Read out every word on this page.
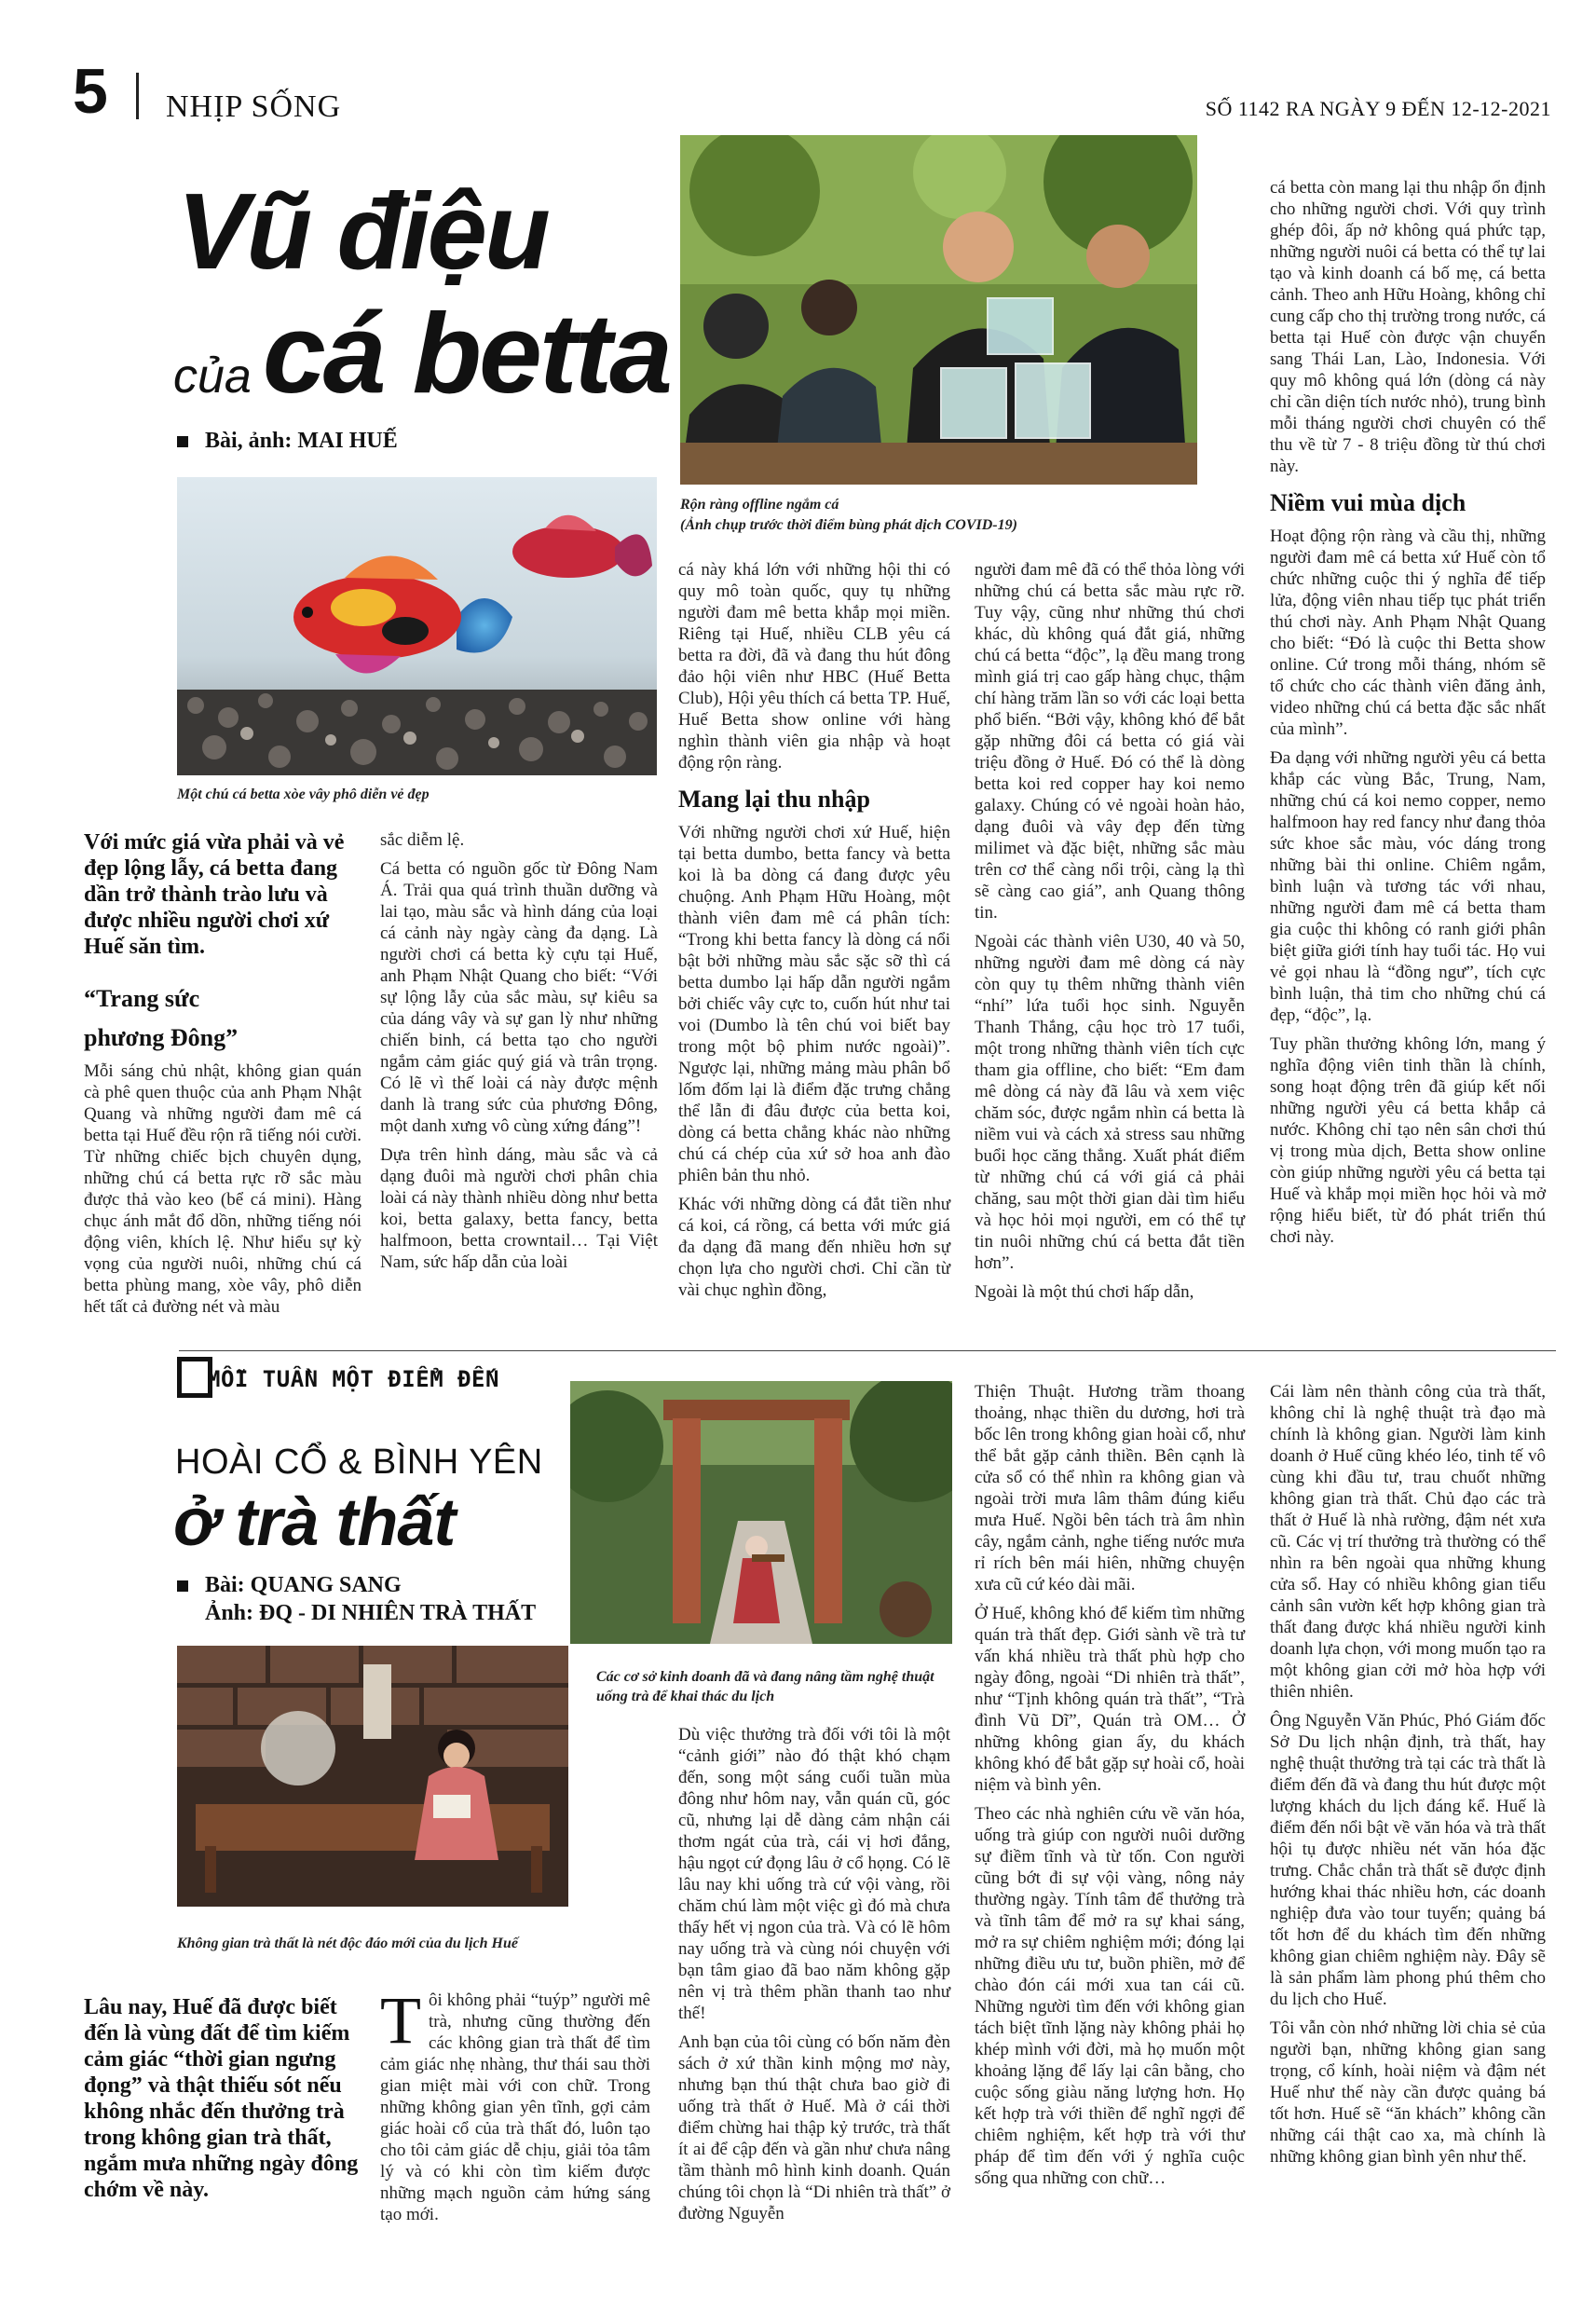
5 NHỊP SỐNG	SỐ 1142 RA NGÀY 9 ĐẾN 12-12-2021
Vũ điệu
củacá betta
Bài, ảnh: MAI HUẾ
Một chú cá betta xòe vây phô diễn vẻ đẹp
Rộn ràng offline ngắm cá
(Ảnh chụp trước thời điểm bùng phát dịch COVID-19)
Với mức giá vừa phải và vẻ đẹp lộng lẫy, cá betta đang dần trở thành trào lưu và được nhiều người chơi xứ Huế săn tìm.
“Trang sức
phương Đông”

Mỗi sáng chủ nhật, không gian quán cà phê quen thuộc của anh Phạm Nhật Quang và những người đam mê cá betta tại Huế đều rộn rã tiếng nói cười. Từ những chiếc bịch chuyên dụng, những chú cá betta rực rỡ sắc màu được thả vào keo (bể cá mini). Hàng chục ánh mắt đổ dồn, những tiếng nói động viên, khích lệ. Như hiểu sự kỳ vọng của người nuôi, những chú cá betta phùng mang, xòe vây, phô diễn hết tất cả đường nét và màu

sắc diễm lệ.

Cá betta có nguồn gốc từ Đông Nam Á. Trải qua quá trình thuần dưỡng và lai tạo, màu sắc và hình dáng của loại cá cảnh này ngày càng đa dạng. Là người chơi cá betta kỳ cựu tại Huế, anh Phạm Nhật Quang cho biết: “Với sự lộng lẫy của sắc màu, sự kiêu sa của dáng vây và sự gan lỳ như những chiến binh, cá betta tạo cho người ngắm cảm giác quý giá và trân trọng. Có lẽ vì thế loài cá này được mệnh danh là trang sức của phương Đông, một danh xưng vô cùng xứng đáng”!

Dựa trên hình dáng, màu sắc và cả dạng đuôi mà người chơi phân chia loài cá này thành nhiều dòng như betta koi, betta galaxy, betta fancy, betta halfmoon, betta crowntail… Tại Việt Nam, sức hấp dẫn của loài

cá này khá lớn với những hội thi có quy mô toàn quốc, quy tụ những người đam mê betta khắp mọi miền. Riêng tại Huế, nhiều CLB yêu cá betta ra đời, đã và đang thu hút đông đảo hội viên như HBC (Huế Betta Club), Hội yêu thích cá betta TP. Huế, Huế Betta show online với hàng nghìn thành viên gia nhập và hoạt động rộn ràng.

Mang lại thu nhập

Với những người chơi xứ Huế, hiện tại betta dumbo, betta fancy và betta koi là ba dòng cá đang được yêu chuộng. Anh Phạm Hữu Hoàng, một thành viên đam mê cá phân tích: “Trong khi betta fancy là dòng cá nổi bật bởi những màu sắc sặc sỡ thì cá betta dumbo lại hấp dẫn người ngắm bởi chiếc vây cực to, cuốn hút như tai voi (Dumbo là tên chú voi biết bay trong một bộ phim nước ngoài)”. Ngược lại, những mảng màu phân bổ lốm đốm lại là điểm đặc trưng chẳng thể lẫn đi đâu được của betta koi, dòng cá betta chẳng khác nào những chú cá chép của xứ sở hoa anh đào phiên bản thu nhỏ.

Khác với những dòng cá đắt tiền như cá koi, cá rồng, cá betta với mức giá đa dạng đã mang đến nhiều hơn sự chọn lựa cho người chơi. Chỉ cần từ vài chục nghìn đồng,

người đam mê đã có thể thỏa lòng với những chú cá betta sắc màu rực rỡ. Tuy vậy, cũng như những thú chơi khác, dù không quá đắt giá, những chú cá betta “độc”, lạ đều mang trong mình giá trị cao gấp hàng chục, thậm chí hàng trăm lần so với các loại betta phổ biến. “Bởi vậy, không khó để bắt gặp những đôi cá betta có giá vài triệu đồng ở Huế. Đó có thể là dòng betta koi red copper hay koi nemo galaxy. Chúng có vẻ ngoài hoàn hảo, dạng đuôi và vây đẹp đến từng milimet và đặc biệt, những sắc màu trên cơ thể càng nổi trội, càng lạ thì sẽ càng cao giá”, anh Quang thông tin.

Ngoài các thành viên U30, 40 và 50, những người đam mê dòng cá này còn quy tụ thêm những thành viên “nhí” lứa tuổi học sinh. Nguyễn Thanh Thắng, cậu học trò 17 tuổi, một trong những thành viên tích cực tham gia offline, cho biết: “Em đam mê dòng cá này đã lâu và xem việc chăm sóc, được ngắm nhìn cá betta là niềm vui và cách xả stress sau những buổi học căng thẳng. Xuất phát điểm từ những chú cá với giá cả phải chăng, sau một thời gian dài tìm hiểu và học hỏi mọi người, em có thể tự tin nuôi những chú cá betta đắt tiền hơn”.

Ngoài là một thú chơi hấp dẫn,

cá betta còn mang lại thu nhập ổn định cho những người chơi. Với quy trình ghép đôi, ấp nở không quá phức tạp, những người nuôi cá betta có thể tự lai tạo và kinh doanh cá bố mẹ, cá betta cảnh. Theo anh Hữu Hoàng, không chỉ cung cấp cho thị trường trong nước, cá betta tại Huế còn được vận chuyển sang Thái Lan, Lào, Indonesia. Với quy mô không quá lớn (dòng cá này chỉ cần diện tích nước nhỏ), trung bình mỗi tháng người chơi chuyên có thể thu về từ 7 - 8 triệu đồng từ thú chơi này.

Niềm vui mùa dịch

Hoạt động rộn ràng và cầu thị, những người đam mê cá betta xứ Huế còn tổ chức những cuộc thi ý nghĩa để tiếp lửa, động viên nhau tiếp tục phát triển thú chơi này. Anh Phạm Nhật Quang cho biết: “Đó là cuộc thi Betta show online. Cứ trong mỗi tháng, nhóm sẽ tổ chức cho các thành viên đăng ảnh, video những chú cá betta đặc sắc nhất của mình”.

Đa dạng với những người yêu cá betta khắp các vùng Bắc, Trung, Nam, những chú cá koi nemo copper, nemo halfmoon hay red fancy như đang thỏa sức khoe sắc màu, vóc dáng trong những bài thi online. Chiêm ngắm, bình luận và tương tác với nhau, những người đam mê cá betta tham gia cuộc thi không có ranh giới phân biệt giữa giới tính hay tuổi tác. Họ vui vẻ gọi nhau là “đồng ngư”, tích cực bình luận, thả tim cho những chú cá đẹp, “độc”, lạ.

Tuy phần thưởng không lớn, mang ý nghĩa động viên tinh thần là chính, song hoạt động trên đã giúp kết nối những người yêu cá betta khắp cả nước. Không chỉ tạo nên sân chơi thú vị trong mùa dịch, Betta show online còn giúp những người yêu cá betta tại Huế và khắp mọi miền học hỏi và mở rộng hiểu biết, từ đó phát triển thú chơi này.

MỖI TUẦN MỘT ĐIỂM ĐẾN
HOÀI CỔ & BÌNH YÊN
ở trà thất
Bài: QUANG SANG
Ảnh: ĐQ - DI NHIÊN TRÀ THẤT
Các cơ sở kinh doanh đã và đang nâng tầm nghệ thuật uống trà để khai thác du lịch
Không gian trà thất là nét độc đáo mới của du lịch Huế
Lâu nay, Huế đã được biết đến là vùng đất để tìm kiếm cảm giác “thời gian ngưng đọng” và thật thiếu sót nếu không nhắc đến thưởng trà trong không gian trà thất, ngắm mưa những ngày đông chớm về này.

Tôi không phải “tuýp” người mê trà, nhưng cũng thường đến các không gian trà thất để tìm cảm giác nhẹ nhàng, thư thái sau thời gian miệt mài với con chữ. Trong những không gian yên tĩnh, gợi cảm giác hoài cổ của trà thất đó, luôn tạo cho tôi cảm giác dễ chịu, giải tỏa tâm lý và có khi còn tìm kiếm được những mạch nguồn cảm hứng sáng tạo mới.

Dù việc thưởng trà đối với tôi là một “cảnh giới” nào đó thật khó chạm đến, song một sáng cuối tuần mùa đông như hôm nay, vẫn quán cũ, góc cũ, nhưng lại dễ dàng cảm nhận cái thơm ngát của trà, cái vị hơi đắng, hậu ngọt cứ đọng lâu ở cổ họng. Có lẽ lâu nay khi uống trà cứ vội vàng, rồi chăm chú làm một việc gì đó mà chưa thấy hết vị ngon của trà. Và có lẽ hôm nay uống trà và cùng nói chuyện với bạn tâm giao đã bao năm không gặp nên vị trà thêm phần thanh tao như thế!

Anh bạn của tôi cùng có bốn năm đèn sách ở xứ thần kinh mộng mơ này, nhưng bạn thú thật chưa bao giờ đi uống trà thất ở Huế. Mà ở cái thời điểm chừng hai thập kỷ trước, trà thất ít ai để cập đến và gần như chưa nâng tầm thành mô hình kinh doanh. Quán chúng tôi chọn là “Di nhiên trà thất” ở đường Nguyễn

Thiện Thuật. Hương trầm thoang thoảng, nhạc thiền du dương, hơi trà bốc lên trong không gian hoài cổ, như thể bắt gặp cảnh thiền. Bên cạnh là cửa sổ có thể nhìn ra không gian và ngoài trời mưa lâm thâm đúng kiểu mưa Huế. Ngồi bên tách trà âm nhìn cây, ngắm cảnh, nghe tiếng nước mưa rỉ rích bên mái hiên, những chuyện xưa cũ cứ kéo dài mãi.

Ở Huế, không khó để kiếm tìm những quán trà thất đẹp. Giới sành về trà tư vấn khá nhiều trà thất phù hợp cho ngày đông, ngoài “Di nhiên trà thất”, như “Tịnh không quán trà thất”, “Trà đình Vũ Dĩ”, Quán trà OM… Ở những không gian ấy, du khách không khó để bắt gặp sự hoài cổ, hoài niệm và bình yên.

Theo các nhà nghiên cứu về văn hóa, uống trà giúp con người nuôi dưỡng sự điềm tĩnh và từ tốn. Con người cũng bớt đi sự vội vàng, nông nảy thường ngày. Tính tâm để thưởng trà và tĩnh tâm để mở ra sự khai sáng, mở ra sự chiêm nghiệm mới; đóng lại những điều ưu tư, buồn phiền, mở để chào đón cái mới xua tan cái cũ. Những người tìm đến với không gian tách biệt tĩnh lặng này không phải họ khép mình với đời, mà họ muốn một khoảng lặng để lấy lại cân bằng, cho cuộc sống giàu năng lượng hơn. Họ kết hợp trà với thiền để nghĩ ngợi để chiêm nghiệm, kết hợp trà với thư pháp để tìm đến với ý nghĩa cuộc sống qua những con chữ…

Cái làm nên thành công của trà thất, không chỉ là nghệ thuật trà đạo mà chính là không gian. Người làm kinh doanh ở Huế cũng khéo léo, tinh tế vô cùng khi đầu tư, trau chuốt những không gian trà thất. Chủ đạo các trà thất ở Huế là nhà rường, đậm nét xưa cũ. Các vị trí thưởng trà thường có thể nhìn ra bên ngoài qua những khung cửa sổ. Hay có nhiều không gian tiểu cảnh sân vườn kết hợp không gian trà thất đang được khá nhiều người kinh doanh lựa chọn, với mong muốn tạo ra một không gian cởi mở hòa hợp với thiên nhiên.

Ông Nguyễn Văn Phúc, Phó Giám đốc Sở Du lịch nhận định, trà thất, hay nghệ thuật thưởng trà tại các trà thất là điểm đến đã và đang thu hút được một lượng khách du lịch đáng kể. Huế là điểm đến nổi bật về văn hóa và trà thất hội tụ được nhiều nét văn hóa đặc trưng. Chắc chắn trà thất sẽ được định hướng khai thác nhiều hơn, các doanh nghiệp đưa vào tour tuyến; quảng bá tốt hơn để du khách tìm đến những không gian chiêm nghiệm này. Đây sẽ là sản phẩm làm phong phú thêm cho du lịch cho Huế.

Tôi vẫn còn nhớ những lời chia sẻ của người bạn, những không gian sang trọng, cổ kính, hoài niệm và đậm nét Huế như thế này cần được quảng bá tốt hơn. Huế sẽ “ăn khách” không cần những cái thật cao xa, mà chính là những không gian bình yên như thế.
